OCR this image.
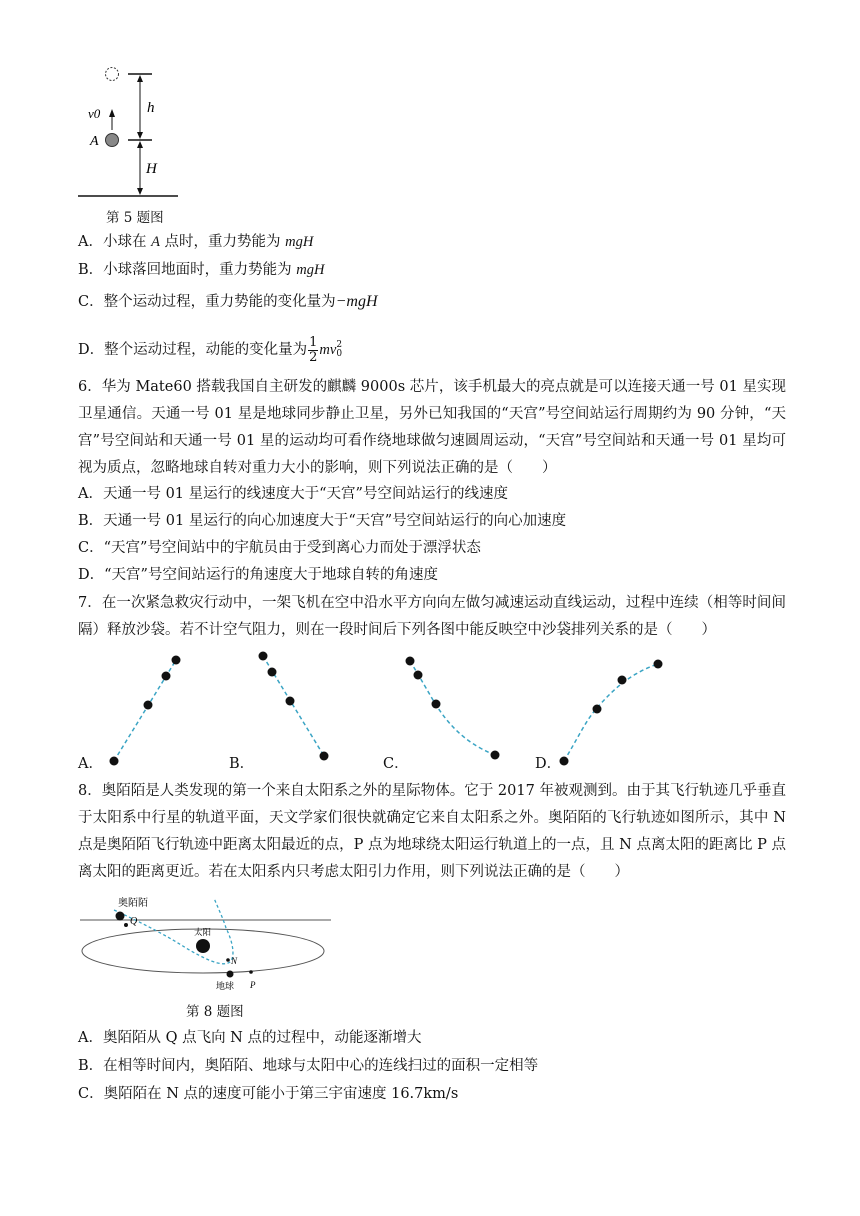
v0
A
h
H
第 5 题图
A．小球在 A 点时，重力势能为 mgH
B．小球落回地面时，重力势能为 mgH
C．整个运动过程，重力势能的变化量为−mgH
D．整个运动过程，动能的变化量为 $\frac{1}{2}$ mv 2
0
6．华为 Mate60 搭载我国自主研发的麒麟 9000s 芯片，该手机最大的亮点就是可以连接天通一号 01 星实现卫星通信。天通一号 01 星是地球同步静止卫星，另外已知我国的“天宫”号空间站运行周期约为 90 分钟，“天宫”号空间站和天通一号 01 星的运动均可看作绕地球做匀速圆周运动，“天宫”号空间站和天通一号 01 星均可视为质点，忽略地球自转对重力大小的影响，则下列说法正确的是（　　）
A．天通一号 01 星运行的线速度大于“天宫”号空间站运行的线速度
B．天通一号 01 星运行的向心加速度大于“天宫”号空间站运行的向心加速度
C．“天宫”号空间站中的宇航员由于受到离心力而处于漂浮状态
D．“天宫”号空间站运行的角速度大于地球自转的角速度
7．在一次紧急救灾行动中，一架飞机在空中沿水平方向向左做匀减速运动直线运动，过程中连续（相等时间间隔）释放沙袋。若不计空气阻力，则在一段时间后下列各图中能反映空中沙袋排列关系的是（　　）
A．	B．	C．	D．
8．奥陌陌是人类发现的第一个来自太阳系之外的星际物体。它于 2017 年被观测到。由于其飞行轨迹几乎垂直于太阳系中行星的轨道平面，天文学家们很快就确定它来自太阳系之外。奥陌陌的飞行轨迹如图所示，其中 N 点是奥陌陌飞行轨迹中距离太阳最近的点，P 点为地球绕太阳运行轨道上的一点，且 N 点离太阳的距离比 P 点离太阳的距离更近。若在太阳系内只考虑太阳引力作用，则下列说法正确的是（　　）
奥陌陌
Q
太阳
N
地球 P
第 8 题图
A．奥陌陌从 Q 点飞向 N 点的过程中，动能逐渐增大
B．在相等时间内，奥陌陌、地球与太阳中心的连线扫过的面积一定相等
C．奥陌陌在 N 点的速度可能小于第三宇宙速度 16.7km/s
